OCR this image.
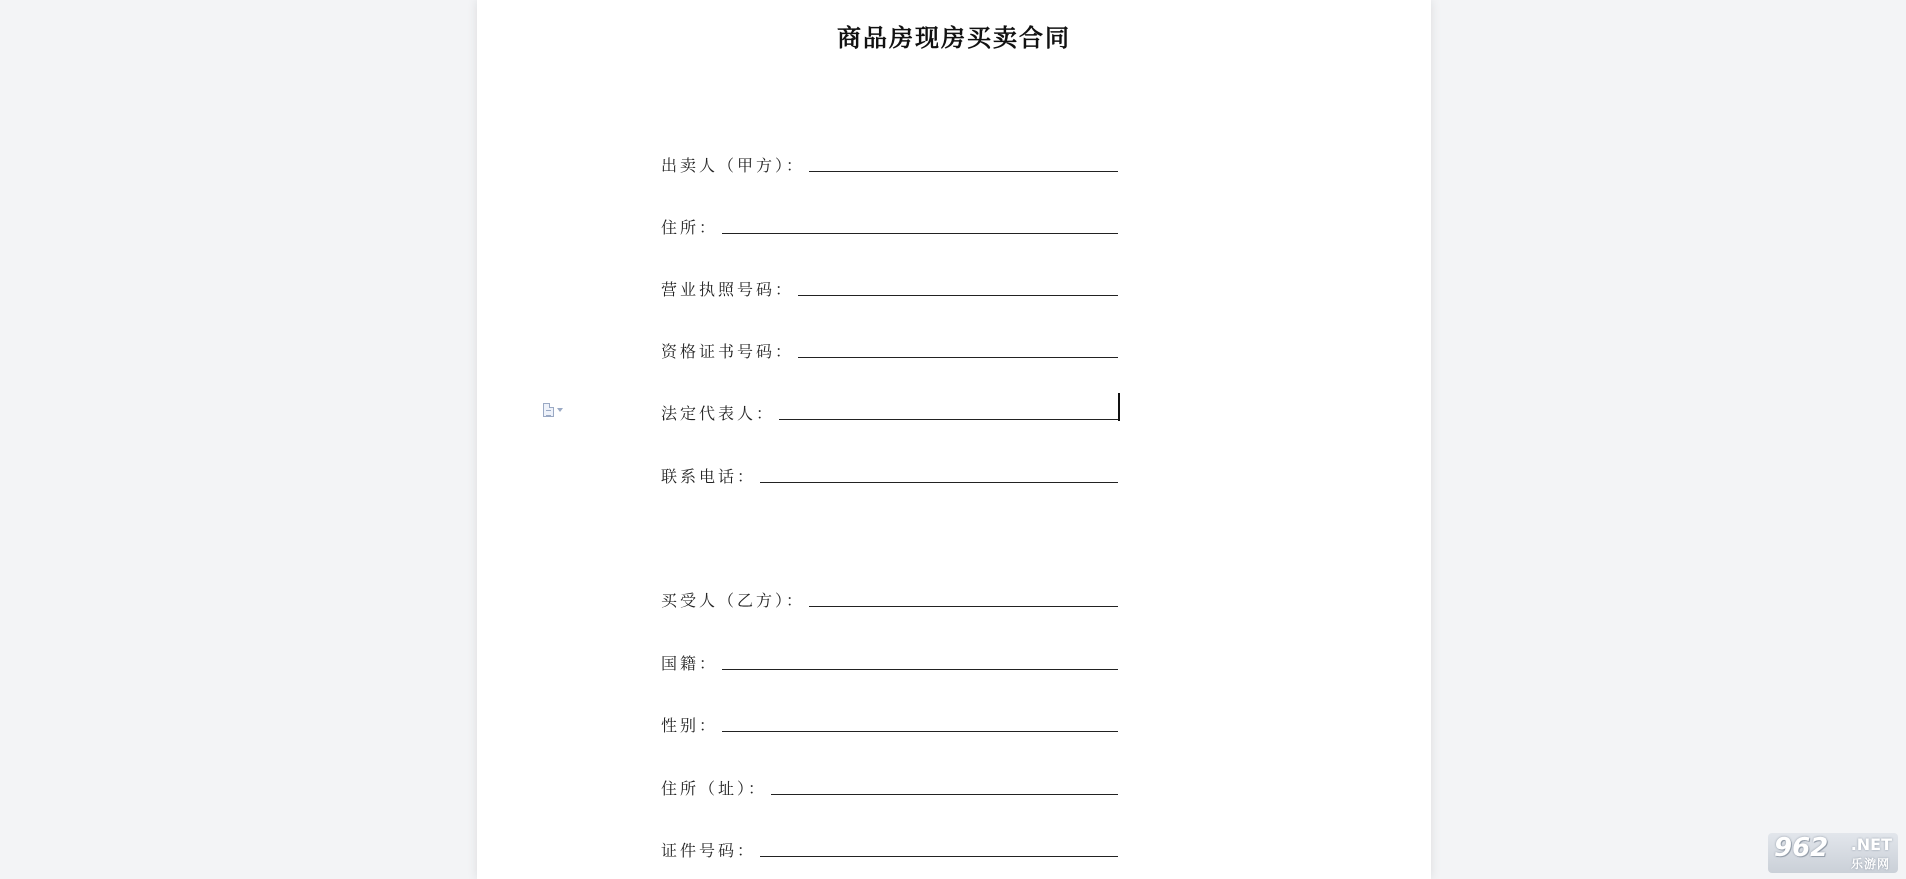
商品房现房买卖合同
出卖人（甲方）：
住所：
营业执照号码：
资格证书号码：
法定代表人：
联系电话：
买受人（乙方）：
国籍：
性别：
住所（址）：
证件号码：	962 .NET
乐游网
